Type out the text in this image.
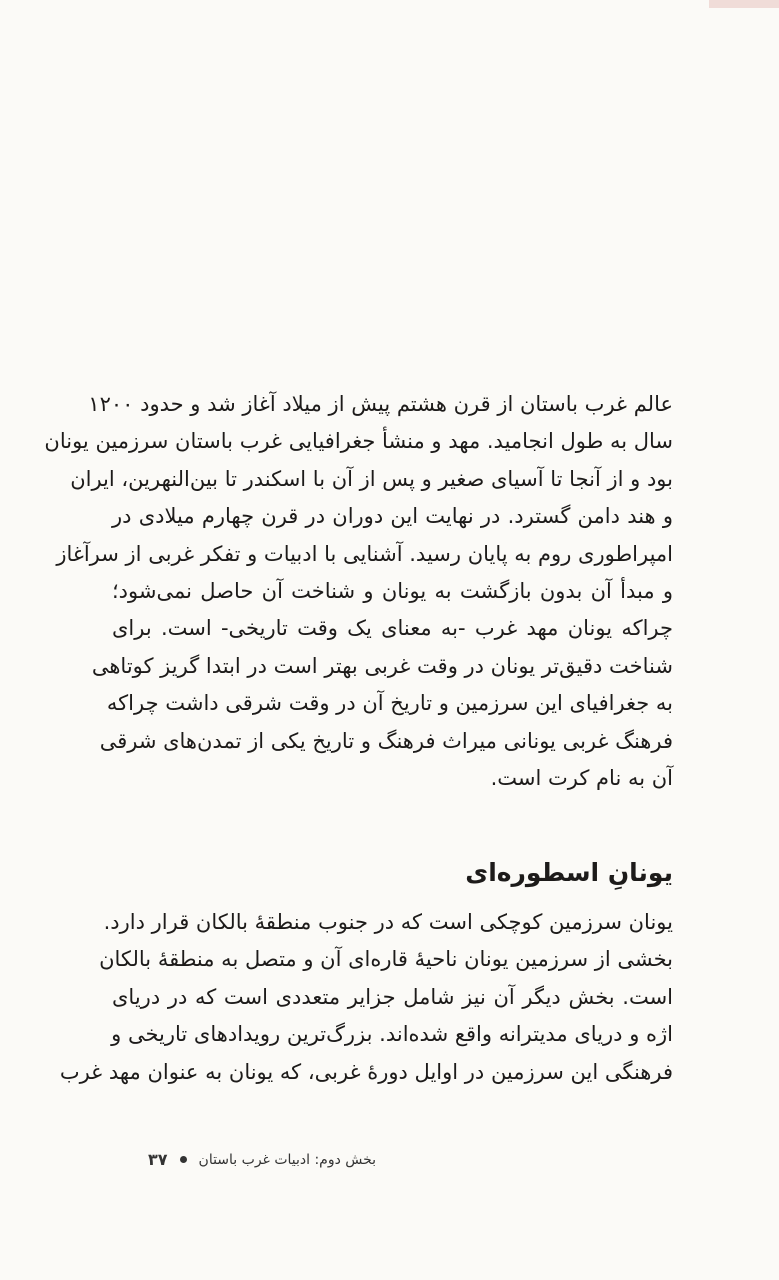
عالم غرب باستان از قرن هشتم پیش از میلاد آغاز شد و حدود ۱۲۰۰
سال به طول انجامید. مهد و منشأ جغرافیایی غرب باستان سرزمین یونان
بود و از آنجا تا آسیای صغیر و پس از آن با اسکندر تا بین‌النهرین، ایران
و هند دامن گسترد. در نهایت این دوران در قرن چهارم میلادی در
امپراطوری روم به پایان رسید. آشنایی با ادبیات و تفکر غربی از سرآغاز
و مبدأ آن بدون بازگشت به یونان و شناخت آن حاصل نمی‌شود؛
چراکه یونان مهد غرب -به معنای یک وقت تاریخی- است. برای
شناخت دقیق‌تر یونان در وقت غربی بهتر است در ابتدا گریز کوتاهی
به جغرافیای این سرزمین و تاریخ آن در وقت شرقی داشت چراکه
فرهنگ غربی یونانی میراث فرهنگ و تاریخ یکی از تمدن‌های شرقی
آن به نام کرت است.
یونانِ اسطوره‌ای
یونان سرزمین کوچکی است که در جنوب منطقهٔ بالکان قرار دارد.
بخشی از سرزمین یونان ناحیهٔ قاره‌ای آن و متصل به منطقهٔ بالکان
است. بخش دیگر آن نیز شامل جزایر متعددی است که در دریای
اژه و دریای مدیترانه واقع شده‌اند. بزرگ‌ترین رویدادهای تاریخی و
فرهنگی این سرزمین در اوایل دورهٔ غربی، که یونان به عنوان مهد غرب
بخش دوم: ادبیات غرب باستان
۳۷
